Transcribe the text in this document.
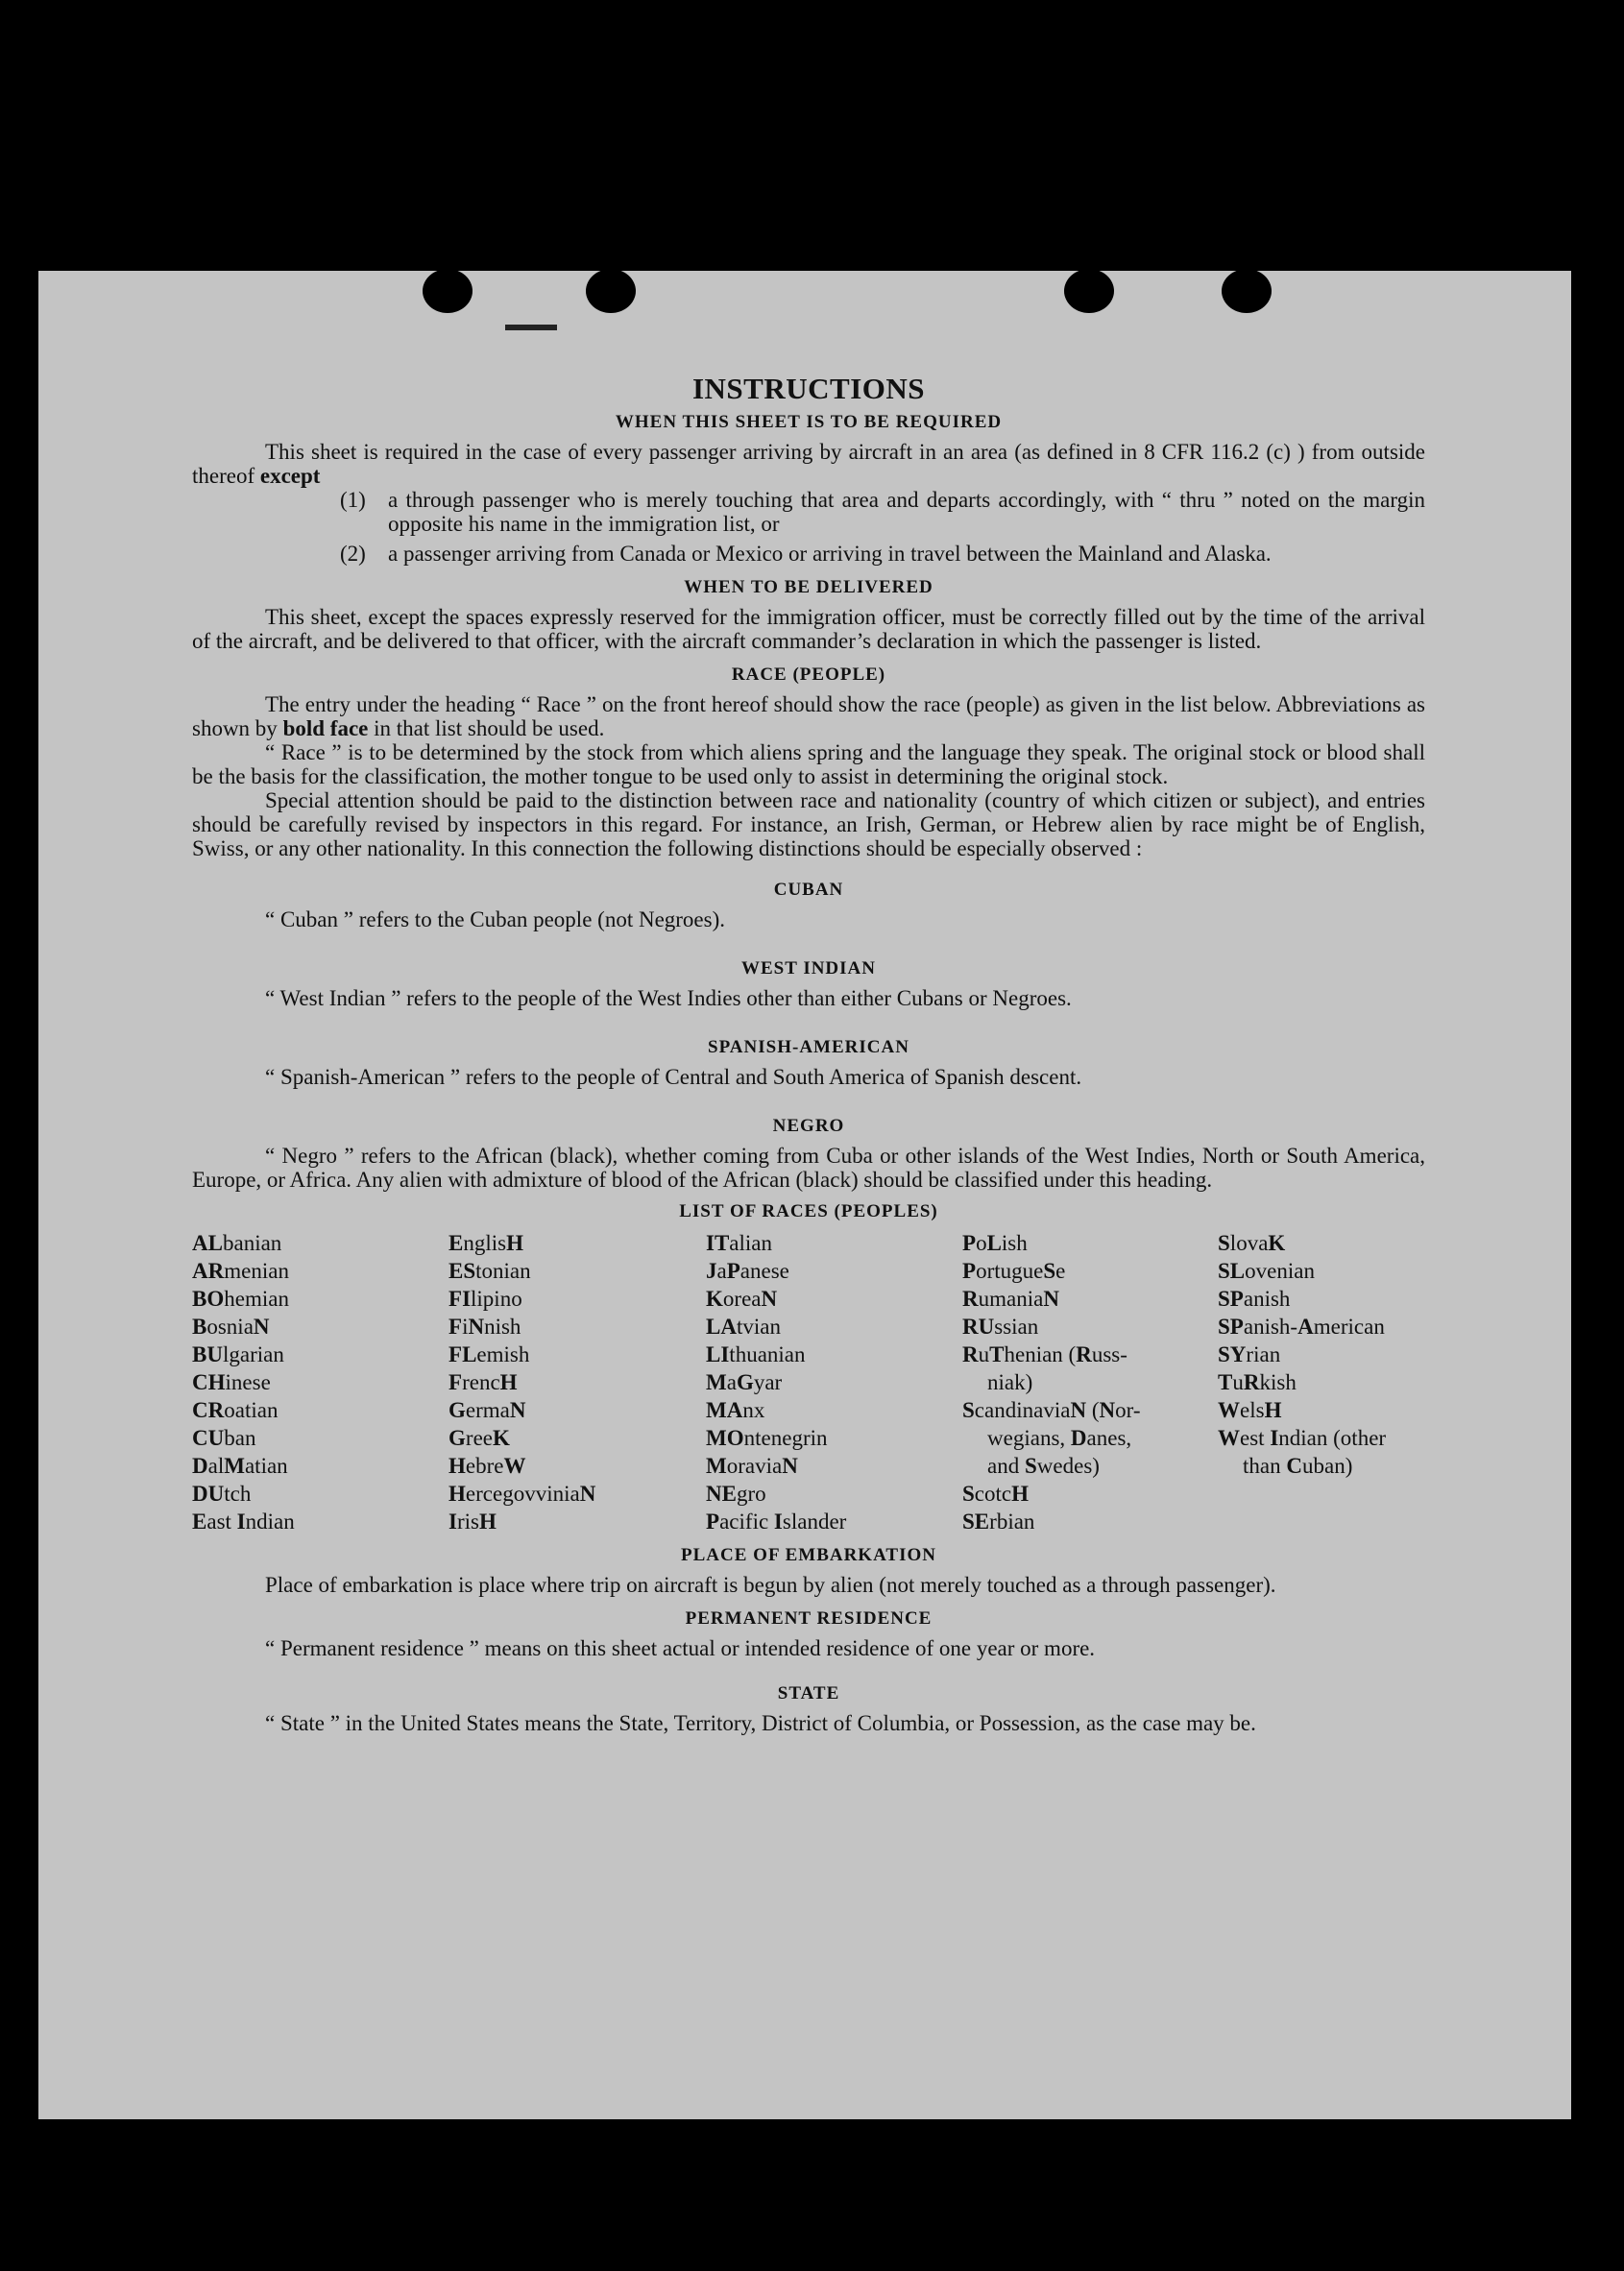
INSTRUCTIONS
WHEN THIS SHEET IS TO BE REQUIRED

This sheet is required in the case of every passenger arriving by aircraft in an area (as defined in 8 CFR 116.2 (c) ) from outside thereof except

(1) a through passenger who is merely touching that area and departs accordingly, with “ thru ” noted on the margin opposite his name in the immigration list, or

(2) a passenger arriving from Canada or Mexico or arriving in travel between the Mainland and Alaska.

WHEN TO BE DELIVERED

This sheet, except the spaces expressly reserved for the immigration officer, must be correctly filled out by the time of the arrival of the aircraft, and be delivered to that officer, with the aircraft commander’s declaration in which the passenger is listed.

RACE (PEOPLE)

The entry under the heading “ Race ” on the front hereof should show the race (people) as given in the list below. Abbreviations as shown by bold face in that list should be used.

“ Race ” is to be determined by the stock from which aliens spring and the language they speak. The original stock or blood shall be the basis for the classification, the mother tongue to be used only to assist in determining the original stock.

Special attention should be paid to the distinction between race and nationality (country of which citizen or subject), and entries should be carefully revised by inspectors in this regard. For instance, an Irish, German, or Hebrew alien by race might be of English, Swiss, or any other nationality. In this connection the following distinctions should be especially observed :

CUBAN

“ Cuban ” refers to the Cuban people (not Negroes).

WEST INDIAN

“ West Indian ” refers to the people of the West Indies other than either Cubans or Negroes.

SPANISH-AMERICAN

“ Spanish-American ” refers to the people of Central and South America of Spanish descent.

NEGRO

“ Negro ” refers to the African (black), whether coming from Cuba or other islands of the West Indies, North or South America, Europe, or Africa. Any alien with admixture of blood of the African (black) should be classified under this heading.

LIST OF RACES (PEOPLES)
ALbanian
ARmenian
BOhemian
BosniaN
BUlgarian
CHinese
CRoatian
CUban
DalMatian
DUtch
East Indian
EnglisH
EStonian
FIlipino
FiNnish
FLemish
FrencH
GermaN
GreeK
HebreW
HercegovviniaN
IrisH
ITalian
JaPanese
KoreaN
LAtvian
LIthuanian
MaGyar
MAnx
MOntenegrin
MoraviaN
NEgro
Pacific Islander
PoLish
PortugueSe
RumaniaN
RUssian
RuThenian (Russ-
niak)
ScandinaviaN (Nor-
wegians, Danes,
and Swedes)
ScotcH
SErbian
SlovaK
SLovenian
SPanish
SPanish-American
SYrian
TuRkish
WelsH
West Indian (other
than Cuban)
PLACE OF EMBARKATION

Place of embarkation is place where trip on aircraft is begun by alien (not merely touched as a through passenger).

PERMANENT RESIDENCE

“ Permanent residence ” means on this sheet actual or intended residence of one year or more.

STATE

“ State ” in the United States means the State, Territory, District of Columbia, or Possession, as the case may be.
